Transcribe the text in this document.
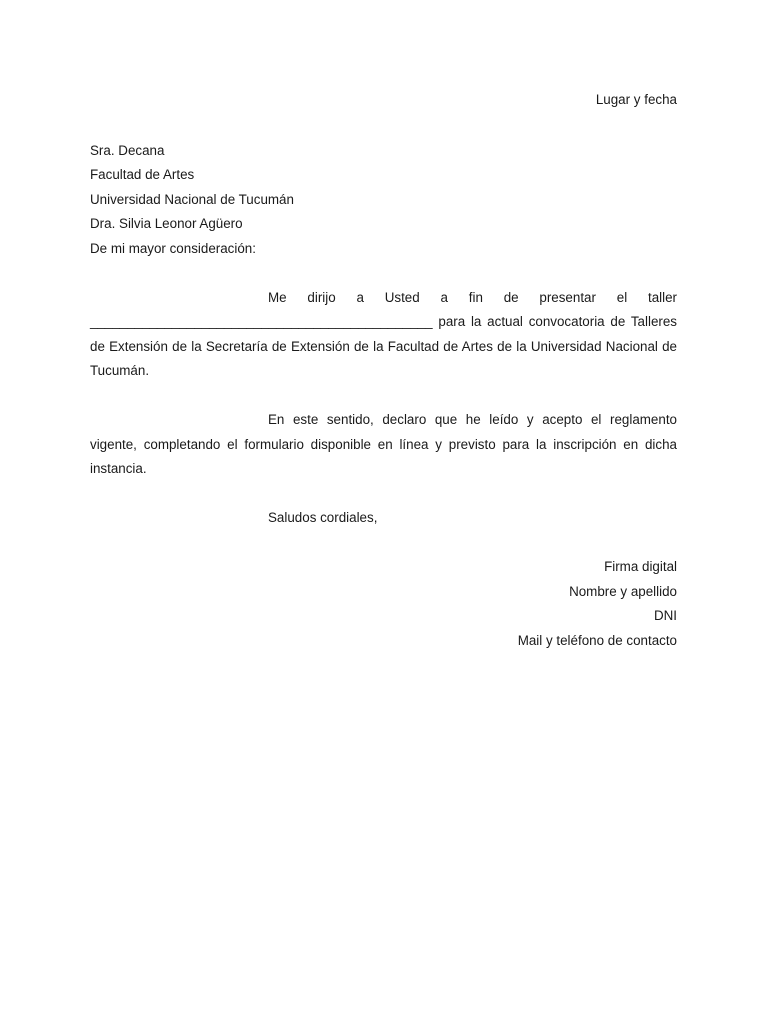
Lugar y fecha
Sra. Decana
Facultad de Artes
Universidad Nacional de Tucumán
Dra. Silvia Leonor Agüero
De mi mayor consideración:

Me dirijo a Usted a fin de presentar el taller ______________________________________________ para la actual convocatoria de Talleres de Extensión de la Secretaría de Extensión de la Facultad de Artes de la Universidad Nacional de Tucumán.

En este sentido, declaro que he leído y acepto el reglamento vigente, completando el formulario disponible en línea y previsto para la inscripción en dicha instancia.

Saludos cordiales,
Firma digital
Nombre y apellido
DNI
Mail y teléfono de contacto
